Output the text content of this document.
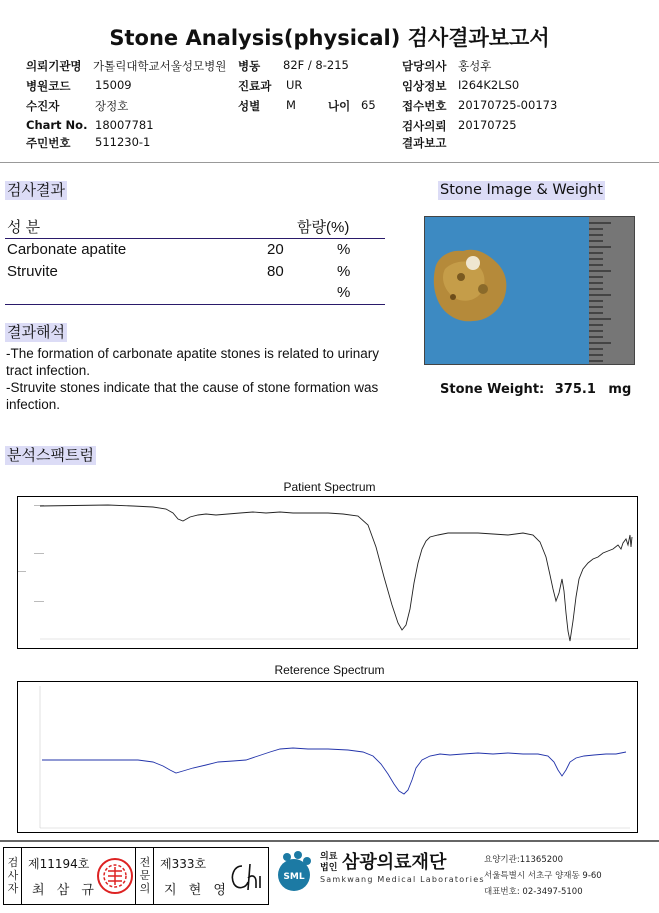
Stone Analysis(physical) 검사결과보고서
의뢰기관명 가톨릭대학교서울성모병원 병동 82F / 8-215	담당의사 홍성후
병원코드 15009	진료과 UR	임상정보 I264K2LS0
수진자	장정호	성별 M	나이 65 접수번호 20170725-00173
Chart No. 18007781	검사의뢰 20170725
주민번호 511230-1	결과보고
검사결과
성 분	함량(%)	
Carbonate apatite	20	%
Struvite	80	%
		%
결과해석
-The formation of carbonate apatite stones is related to urinary tract infection.
-Struvite stones indicate that the cause of stone formation was infection.
Stone Image & Weight
Stone Weight: 375.1 mg
분석스팩트럼
Patient Spectrum
Reterence Spectrum
검사자
제11194호
최 삼 규
전문의
제333호
지 현 영
SML
의료법인 삼광의료재단
Samkwang Medical Laboratories
요양기관:11365200
서울특별시 서초구 양재동 9-60
대표번호: 02-3497-5100
